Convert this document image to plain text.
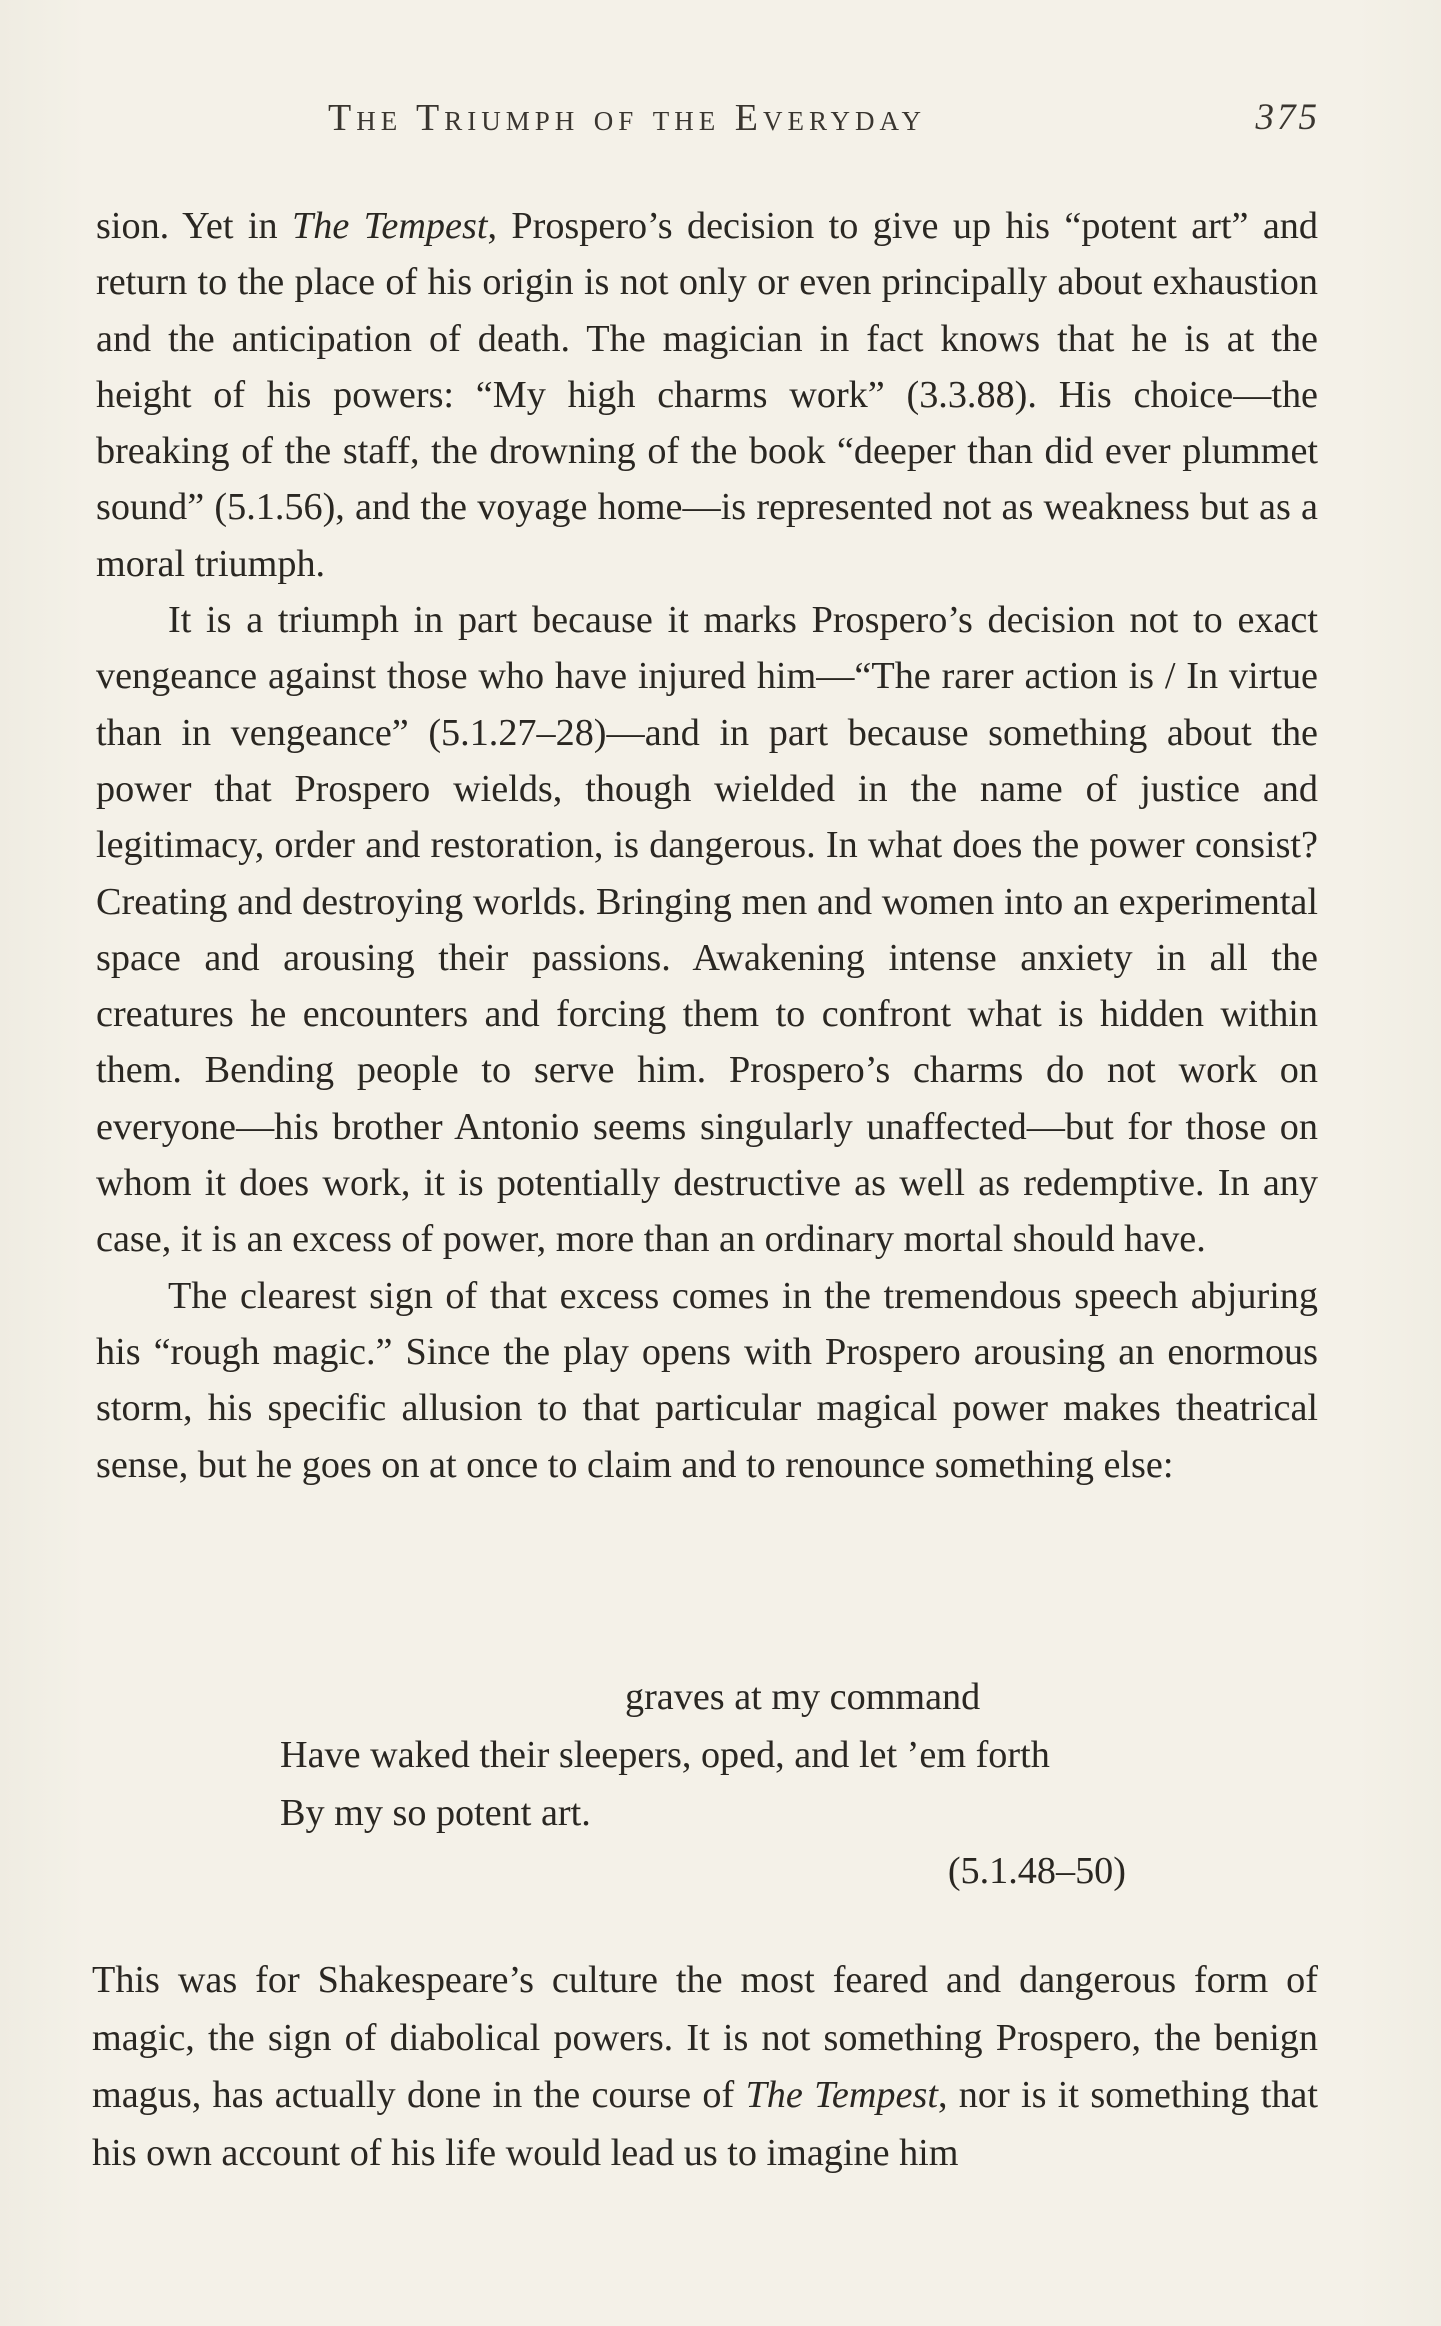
The Triumph of the Everyday	375

sion. Yet in The Tempest, Prospero’s decision to give up his “potent art” and return to the place of his origin is not only or even principally about exhaustion and the anticipation of death. The magician in fact knows that he is at the height of his powers: “My high charms work” (3.3.88). His choice—the breaking of the staff, the drowning of the book “deeper than did ever plummet sound” (5.1.56), and the voyage home—is represented not as weakness but as a moral triumph.

It is a triumph in part because it marks Prospero’s decision not to exact vengeance against those who have injured him—“The rarer action is / In virtue than in vengeance” (5.1.27–28)—and in part because something about the power that Prospero wields, though wielded in the name of justice and legitimacy, order and restoration, is dangerous. In what does the power consist? Creating and destroying worlds. Bringing men and women into an experimental space and arousing their passions. Awakening intense anxiety in all the creatures he encounters and forcing them to confront what is hidden within them. Bending people to serve him. Prospero’s charms do not work on everyone—his brother Antonio seems singularly unaffected—but for those on whom it does work, it is potentially destructive as well as redemptive. In any case, it is an excess of power, more than an ordinary mortal should have.

The clearest sign of that excess comes in the tremendous speech abjuring his “rough magic.” Since the play opens with Prospero arousing an enormous storm, his specific allusion to that particular magical power makes theatrical sense, but he goes on at once to claim and to renounce something else:

graves at my command
Have waked their sleepers, oped, and let ’em forth
By my so potent art.
(5.1.48–50)

This was for Shakespeare’s culture the most feared and dangerous form of magic, the sign of diabolical powers. It is not something Prospero, the benign magus, has actually done in the course of The Tempest, nor is it something that his own account of his life would lead us to imagine him
